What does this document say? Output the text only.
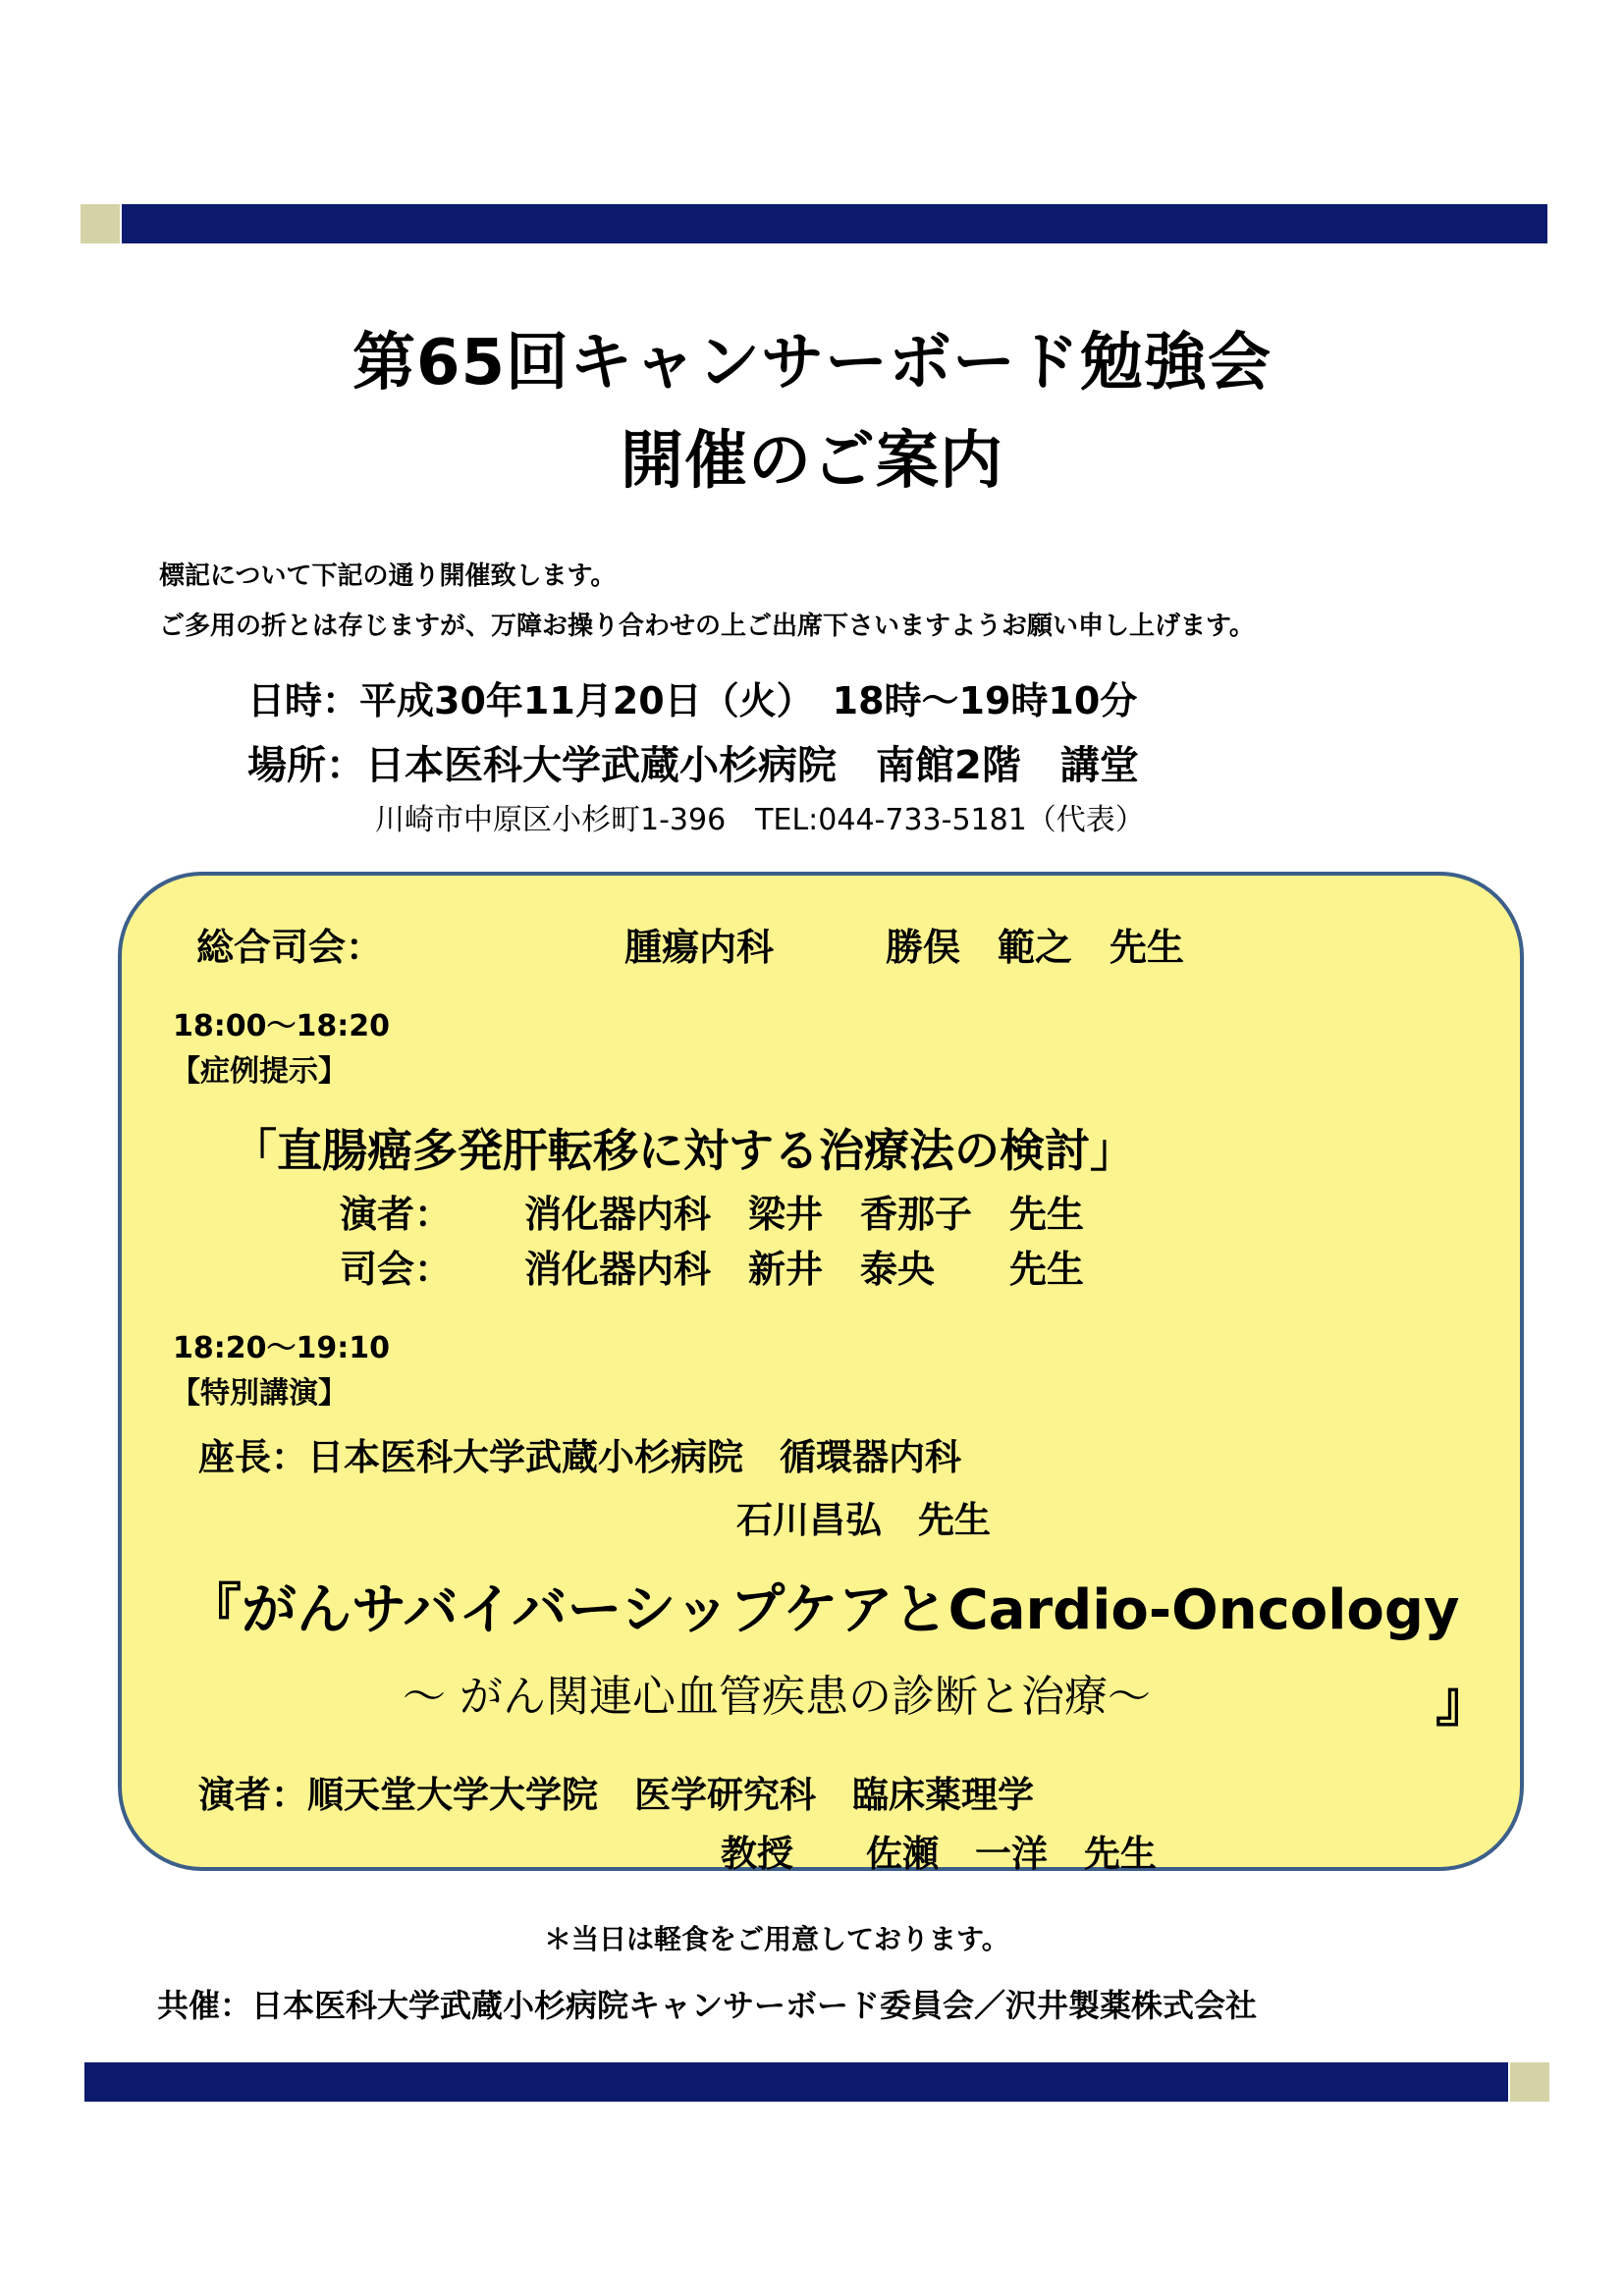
第65回キャンサーボード勉強会
開催のご案内
標記について下記の通り開催致します。
ご多用の折とは存じますが、万障お操り合わせの上ご出席下さいますようお願い申し上げます。
日時：平成30年11月20日（火）　18時～19時10分
場所：日本医科大学武蔵小杉病院　南館2階　講堂
川崎市中原区小杉町1-396　TEL:044-733-5181（代表）
総合司会：	腫瘍内科	勝俣　範之　先生
18:00～18:20
【症例提示】
「直腸癌多発肝転移に対する治療法の検討」
演者： 消化器内科　梁井　香那子　先生
司会： 消化器内科　新井　泰央　　先生
18:20～19:10
【特別講演】
座長：日本医科大学武蔵小杉病院　循環器内科
石川昌弘　先生
『がんサバイバーシップケアとCardio-Oncology
～ がん関連心血管疾患の診断と治療～	』
演者：順天堂大学大学院　医学研究科　臨床薬理学
教授　　佐瀬　一洋　先生
＊当日は軽食をご用意しております。
共催：日本医科大学武蔵小杉病院キャンサーボード委員会／沢井製薬株式会社
